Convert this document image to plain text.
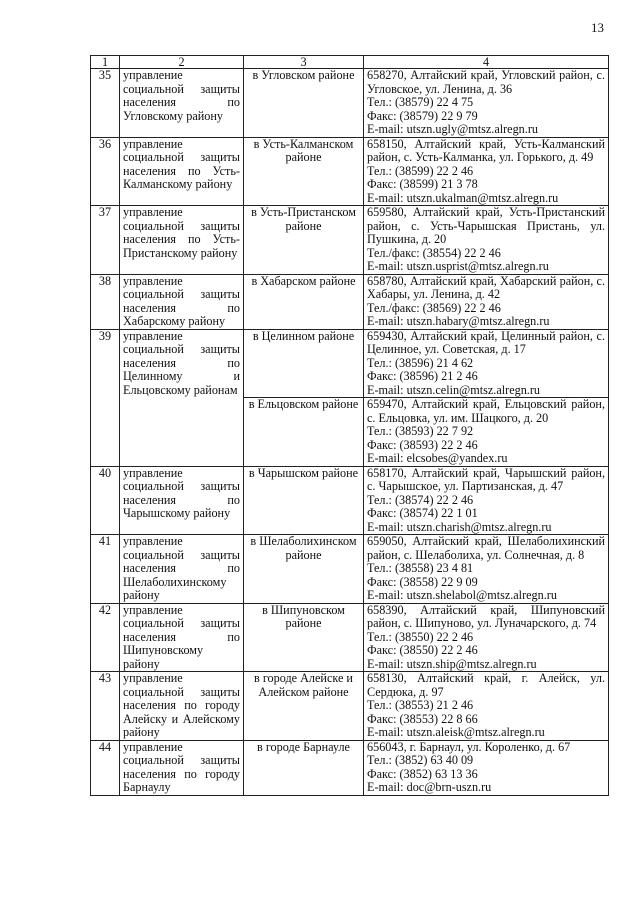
13
1	2	3	4
35	управление социальной защиты населения по Угловскому району	в Угловском районе	658270, Алтайский край, Угловский район, с. Угловское, ул. Ленина, д. 36
Тел.: (38579) 22 4 75
Факс: (38579) 22 9 79
E-mail: utszn.ugly@mtsz.alregn.ru

36	управление социальной защиты населения по Усть-Калманскому району	в Усть-Калманском районе	658150, Алтайский край, Усть-Калманский район, с. Усть-Калманка, ул. Горького, д. 49
Тел.: (38599) 22 2 46
Факс: (38599) 21 3 78
E-mail: utszn.ukalman@mtsz.alregn.ru

37	управление социальной защиты населения по Усть-Пристанскому району	в Усть-Пристанском районе	659580, Алтайский край, Усть-Пристанский район, с. Усть-Чарышская Пристань, ул. Пушкина, д. 20
Тел./факс: (38554) 22 2 46
E-mail: utszn.usprist@mtsz.alregn.ru

38	управление социальной защиты населения по Хабарскому району	в Хабарском районе	658780, Алтайский край, Хабарский район, с. Хабары, ул. Ленина, д. 42
Тел./факс: (38569) 22 2 46
E-mail: utszn.habary@mtsz.alregn.ru

39	управление социальной защиты населения по Целинному и Ельцовскому районам	в Целинном районе	659430, Алтайский край, Целинный район, с. Целинное, ул. Советская, д. 17
Тел.: (38596) 21 4 62
Факс: (38596) 21 2 46
E-mail: utszn.celin@mtsz.alregn.ru

		в Ельцовском районе	659470, Алтайский край, Ельцовский район, с. Ельцовка, ул. им. Шацкого, д. 20
Тел.: (38593) 22 7 92
Факс: (38593) 22 2 46
E-mail: elcsobes@yandex.ru

40	управление социальной защиты населения по Чарышскому району	в Чарышском районе	658170, Алтайский край, Чарышский район, с. Чарышское, ул. Партизанская, д. 47
Тел.: (38574) 22 2 46
Факс: (38574) 22 1 01
E-mail: utszn.charish@mtsz.alregn.ru

41	управление социальной защиты населения по Шелаболихинскому району	в Шелаболихинском районе	659050, Алтайский край, Шелаболихинский район, с. Шелаболиха, ул. Солнечная, д. 8
Тел.: (38558) 23 4 81
Факс: (38558) 22 9 09
E-mail: utszn.shelabol@mtsz.alregn.ru

42	управление социальной защиты населения по Шипуновскому району	в Шипуновском районе	658390, Алтайский край, Шипуновский район, с. Шипуново, ул. Луначарского, д. 74
Тел.: (38550) 22 2 46
Факс: (38550) 22 2 46
E-mail: utszn.ship@mtsz.alregn.ru

43	управление социальной защиты населения по городу Алейску и Алейскому району	в городе Алейске и Алейском районе	658130, Алтайский край, г. Алейск, ул. Сердюка, д. 97
Тел.: (38553) 21 2 46
Факс: (38553) 22 8 66
E-mail: utszn.aleisk@mtsz.alregn.ru

44	управление социальной защиты населения по городу Барнаулу	в городе Барнауле	656043, г. Барнаул, ул. Короленко, д. 67
Тел.: (3852) 63 40 09
Факс: (3852) 63 13 36
E-mail: doc@brn-uszn.ru
